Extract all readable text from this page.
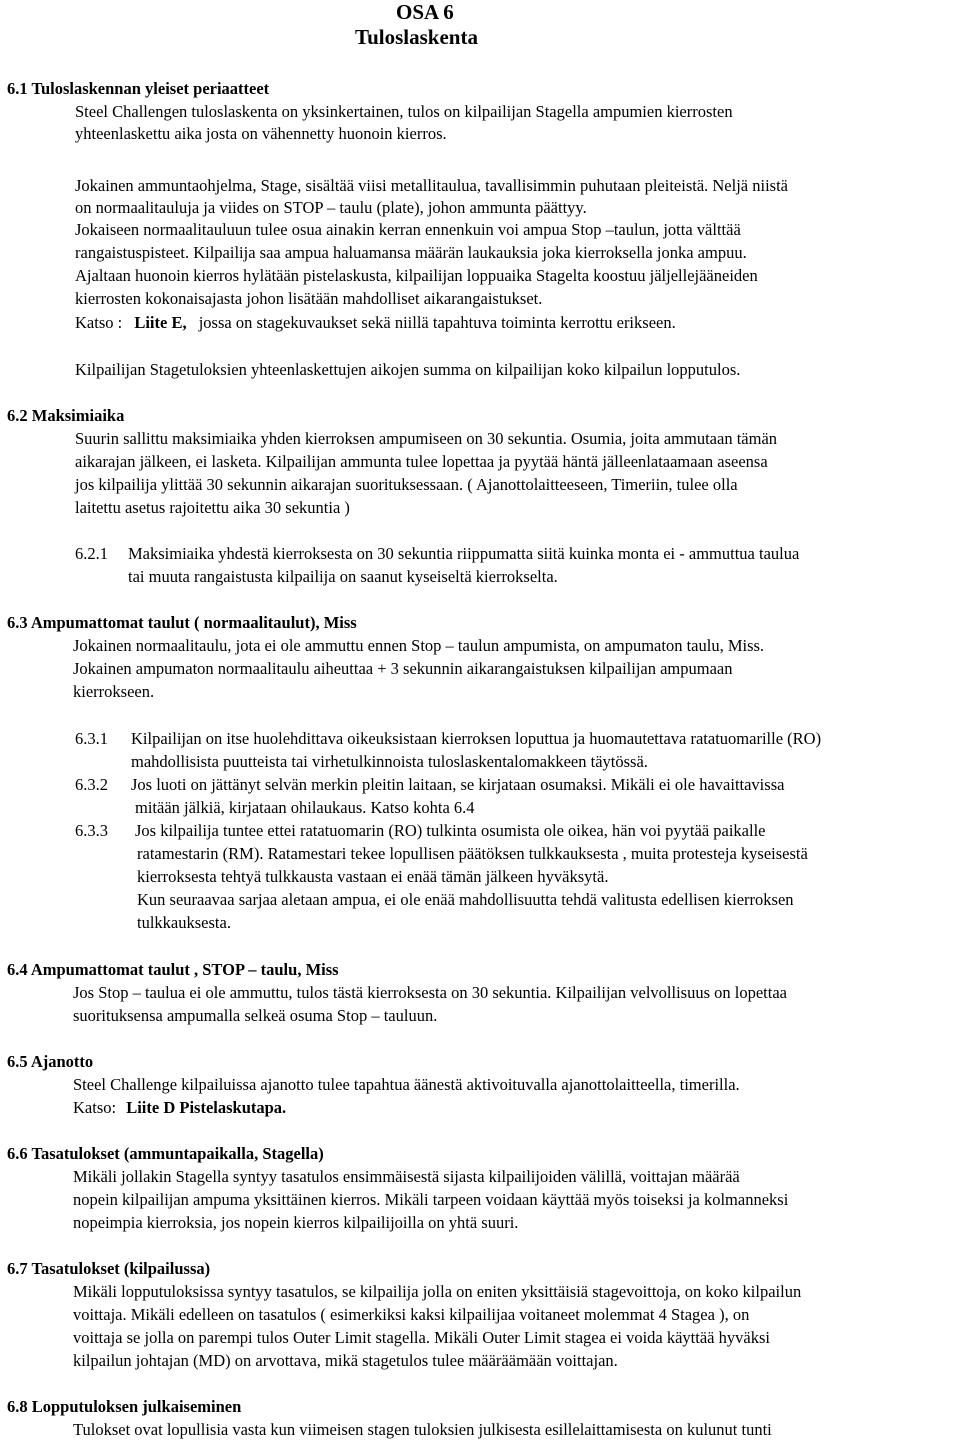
OSA 6
Tuloslaskenta
6.1 Tuloslaskennan yleiset periaatteet
Steel Challengen tuloslaskenta on yksinkertainen, tulos on kilpailijan Stagella ampumien kierrosten
yhteenlaskettu aika josta on vähennetty huonoin kierros.
Jokainen ammuntaohjelma, Stage, sisältää viisi metallitaulua, tavallisimmin puhutaan pleiteistä. Neljä niistä
on normaalitauluja ja viides on STOP – taulu (plate), johon ammunta päättyy.
Jokaiseen normaalitauluun tulee osua ainakin kerran ennenkuin voi ampua Stop –taulun, jotta välttää
rangaistuspisteet. Kilpailija saa ampua haluamansa määrän laukauksia joka kierroksella jonka ampuu.
Ajaltaan huonoin kierros hylätään pistelaskusta, kilpailijan loppuaika Stagelta koostuu jäljellejääneiden
kierrosten kokonaisajasta johon lisätään mahdolliset aikarangaistukset.
Katso : Liite E, jossa on stagekuvaukset sekä niillä tapahtuva toiminta kerrottu erikseen.
Kilpailijan Stagetuloksien yhteenlaskettujen aikojen summa on kilpailijan koko kilpailun lopputulos.
6.2 Maksimiaika
Suurin sallittu maksimiaika yhden kierroksen ampumiseen on 30 sekuntia. Osumia, joita ammutaan tämän
aikarajan jälkeen, ei lasketa. Kilpailijan ammunta tulee lopettaa ja pyytää häntä jälleenlataamaan aseensa
jos kilpailija ylittää 30 sekunnin aikarajan suorituksessaan. ( Ajanottolaitteeseen, Timeriin, tulee olla
laitettu asetus rajoitettu aika 30 sekuntia )
6.2.1 Maksimiaika yhdestä kierroksesta on 30 sekuntia riippumatta siitä kuinka monta ei - ammuttua taulua
tai muuta rangaistusta kilpailija on saanut kyseiseltä kierrokselta.
6.3 Ampumattomat taulut ( normaalitaulut), Miss
Jokainen normaalitaulu, jota ei ole ammuttu ennen Stop – taulun ampumista, on ampumaton taulu, Miss.
Jokainen ampumaton normaalitaulu aiheuttaa + 3 sekunnin aikarangaistuksen kilpailijan ampumaan
kierrokseen.
6.3.1 Kilpailijan on itse huolehdittava oikeuksistaan kierroksen loputtua ja huomautettava ratatuomarille (RO)
mahdollisista puutteista tai virhetulkinnoista tuloslaskentalomakkeen täytössä.
6.3.2 Jos luoti on jättänyt selvän merkin pleitin laitaan, se kirjataan osumaksi. Mikäli ei ole havaittavissa
mitään jälkiä, kirjataan ohilaukaus. Katso kohta 6.4
6.3.3 Jos kilpailija tuntee ettei ratatuomarin (RO) tulkinta osumista ole oikea, hän voi pyytää paikalle
ratamestarin (RM). Ratamestari tekee lopullisen päätöksen tulkkauksesta , muita protesteja kyseisestä
kierroksesta tehtyä tulkkausta vastaan ei enää tämän jälkeen hyväksytä.
Kun seuraavaa sarjaa aletaan ampua, ei ole enää mahdollisuutta tehdä valitusta edellisen kierroksen
tulkkauksesta.
6.4 Ampumattomat taulut , STOP – taulu, Miss
Jos Stop – taulua ei ole ammuttu, tulos tästä kierroksesta on 30 sekuntia. Kilpailijan velvollisuus on lopettaa
suorituksensa ampumalla selkeä osuma Stop – tauluun.
6.5 Ajanotto
Steel Challenge kilpailuissa ajanotto tulee tapahtua äänestä aktivoituvalla ajanottolaitteella, timerilla.
Katso: Liite D Pistelaskutapa.
6.6 Tasatulokset (ammuntapaikalla, Stagella)
Mikäli jollakin Stagella syntyy tasatulos ensimmäisestä sijasta kilpailijoiden välillä, voittajan määrää
nopein kilpailijan ampuma yksittäinen kierros. Mikäli tarpeen voidaan käyttää myös toiseksi ja kolmanneksi
nopeimpia kierroksia, jos nopein kierros kilpailijoilla on yhtä suuri.
6.7 Tasatulokset (kilpailussa)
Mikäli lopputuloksissa syntyy tasatulos, se kilpailija jolla on eniten yksittäisiä stagevoittoja, on koko kilpailun
voittaja. Mikäli edelleen on tasatulos ( esimerkiksi kaksi kilpailijaa voitaneet molemmat 4 Stagea ), on
voittaja se jolla on parempi tulos Outer Limit stagella. Mikäli Outer Limit stagea ei voida käyttää hyväksi
kilpailun johtajan (MD) on arvottava, mikä stagetulos tulee määräämään voittajan.
6.8 Lopputuloksen julkaiseminen
Tulokset ovat lopullisia vasta kun viimeisen stagen tuloksien julkisesta esillelaittamisesta on kulunut tunti
